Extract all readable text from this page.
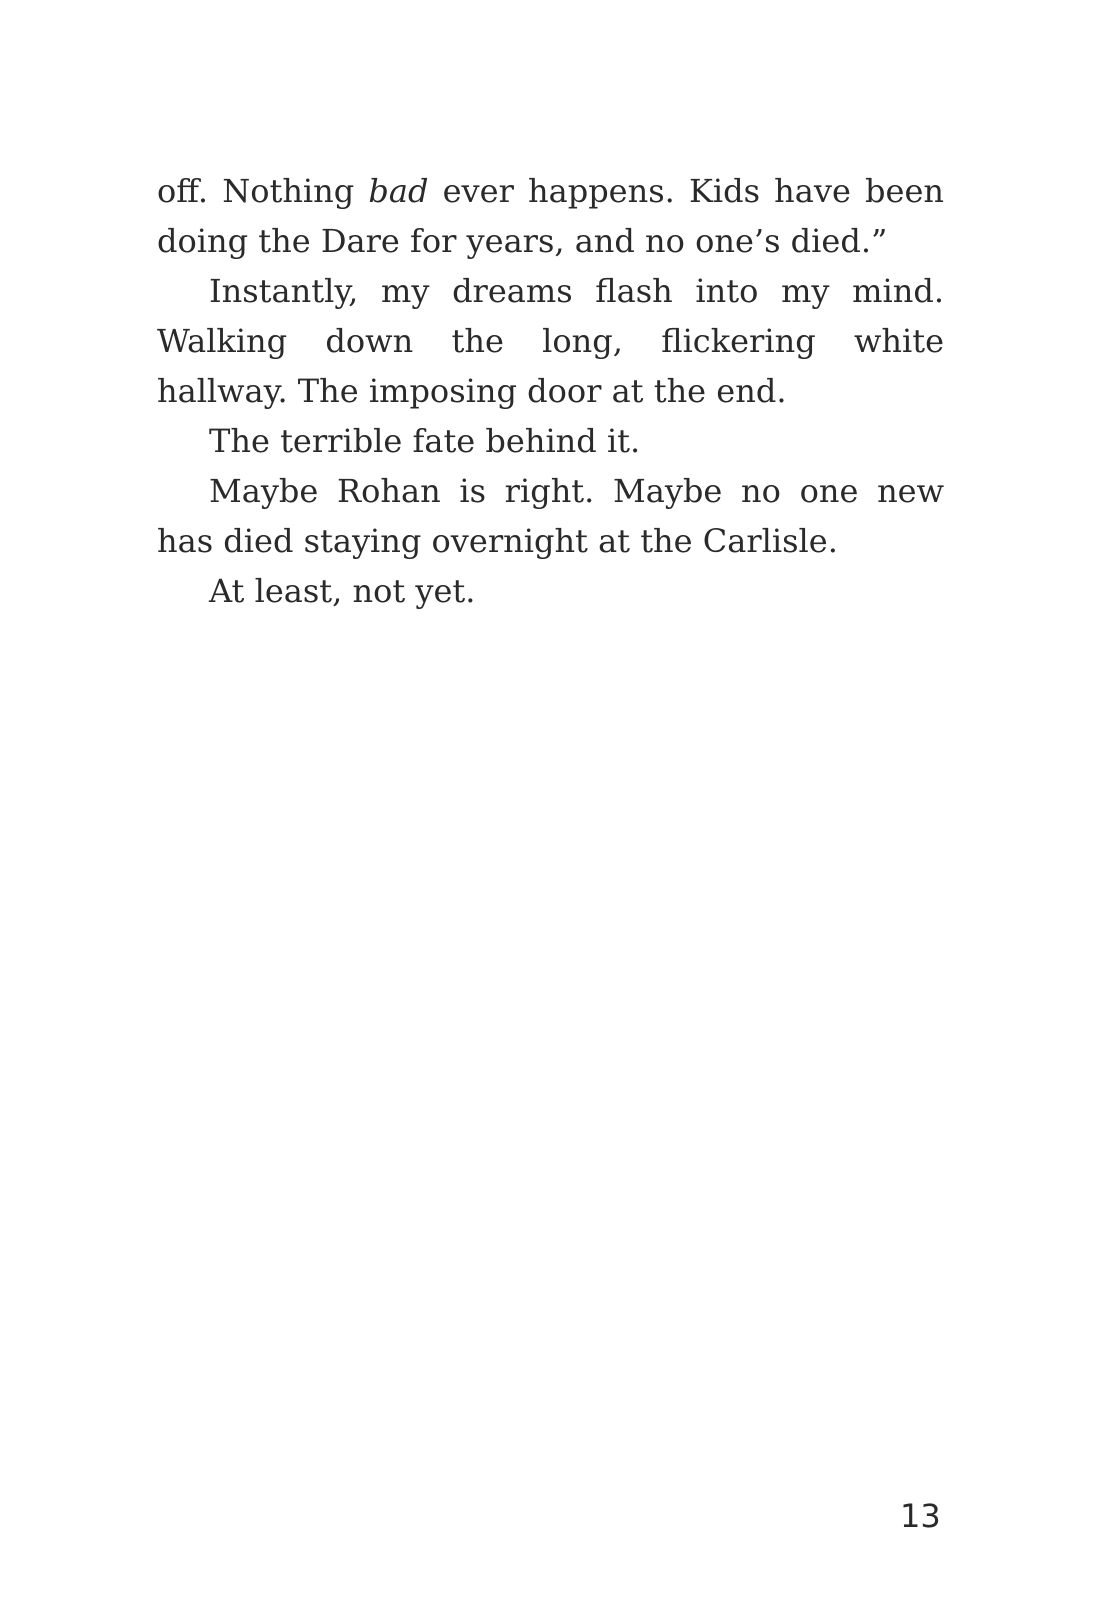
off. Nothing bad ever happens. Kids have been doing the Dare for years, and no one’s died.”

Instantly, my dreams flash into my mind. Walking down the long, flickering white hallway. The imposing door at the end.

The terrible fate behind it.

Maybe Rohan is right. Maybe no one new has died staying overnight at the Carlisle.

At least, not yet.

13
